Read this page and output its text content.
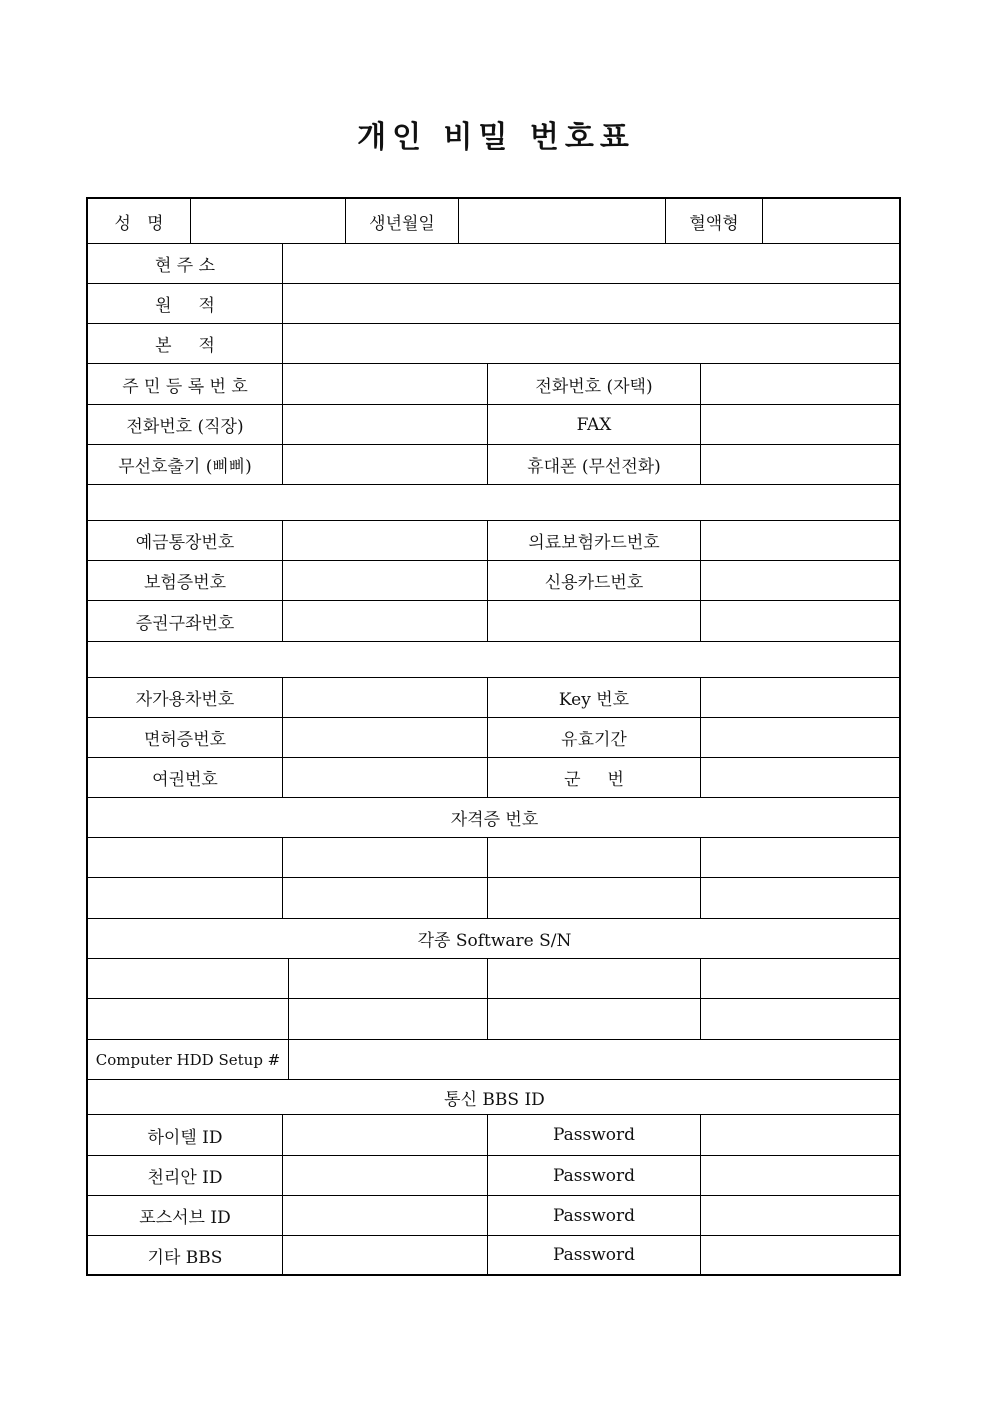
개인 비밀 번호표
성   명	생년월일	혈액형
현 주 소
원     적
본     적
주 민 등 록 번 호	전화번호 (자택)
전화번호 (직장)	FAX
무선호출기 (삐삐)	휴대폰 (무선전화)
예금통장번호	의료보험카드번호
보험증번호	신용카드번호
증권구좌번호
자가용차번호	Key 번호
면허증번호	유효기간
여권번호	군     번
자격증 번호
각종 Software S/N
Computer HDD Setup #
통신 BBS ID
하이텔 ID	Password
천리안 ID	Password
포스서브 ID	Password
기타 BBS	Password
